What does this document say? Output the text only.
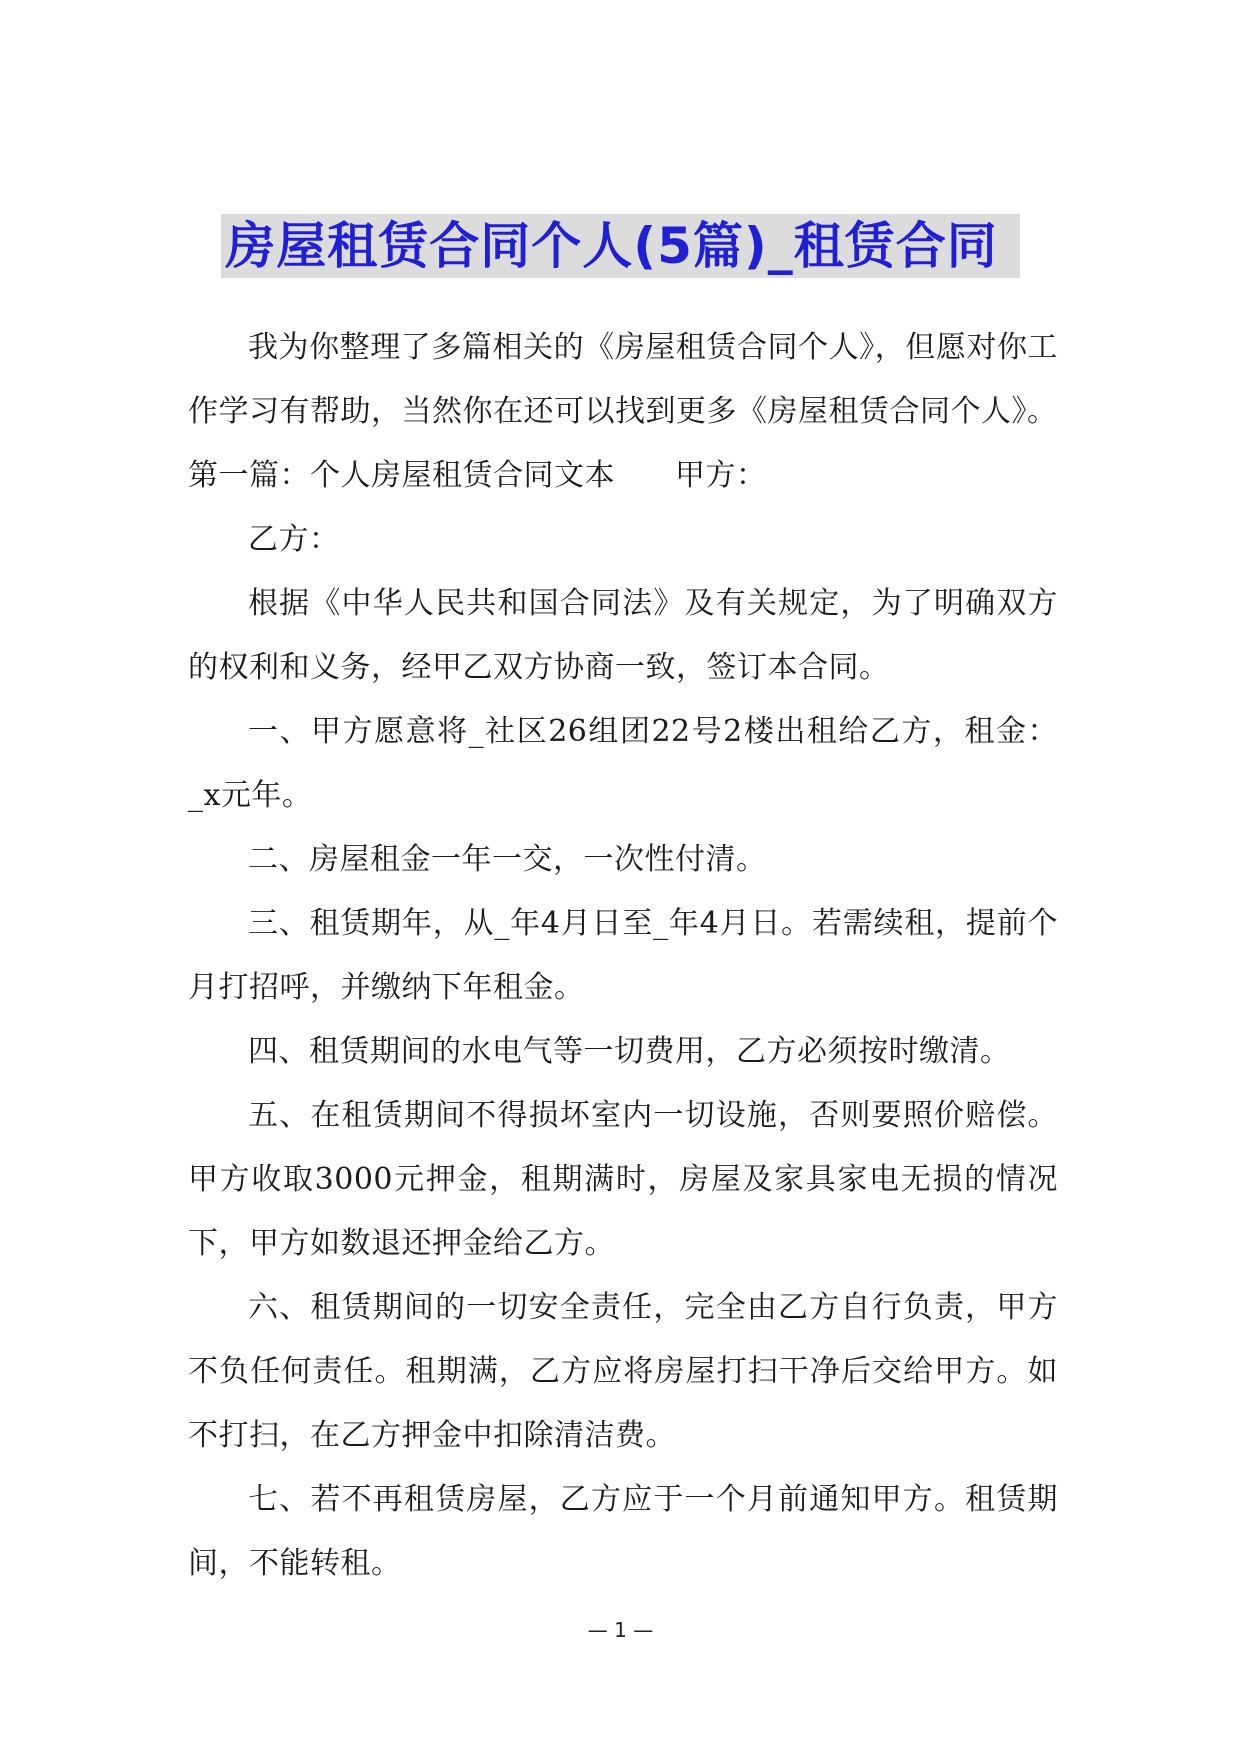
房屋租赁合同个人(5篇)_租赁合同

我为你整理了多篇相关的《房屋租赁合同个人》，但愿对你工作学习有帮助，当然你在还可以找到更多《房屋租赁合同个人》。

第一篇：个人房屋租赁合同文本 甲方：

乙方：

根据《中华人民共和国合同法》及有关规定，为了明确双方的权利和义务，经甲乙双方协商一致，签订本合同。

一、甲方愿意将_社区26组团22号2楼出租给乙方，租金：_x元年。

二、房屋租金一年一交，一次性付清。

三、租赁期年，从_年4月日至_年4月日。若需续租，提前个月打招呼，并缴纳下年租金。

四、租赁期间的水电气等一切费用，乙方必须按时缴清。

五、在租赁期间不得损坏室内一切设施，否则要照价赔偿。甲方收取3000元押金，租期满时，房屋及家具家电无损的情况下，甲方如数退还押金给乙方。

六、租赁期间的一切安全责任，完全由乙方自行负责，甲方不负任何责任。租期满，乙方应将房屋打扫干净后交给甲方。如不打扫，在乙方押金中扣除清洁费。

七、若不再租赁房屋，乙方应于一个月前通知甲方。租赁期间，不能转租。

— 1 —
